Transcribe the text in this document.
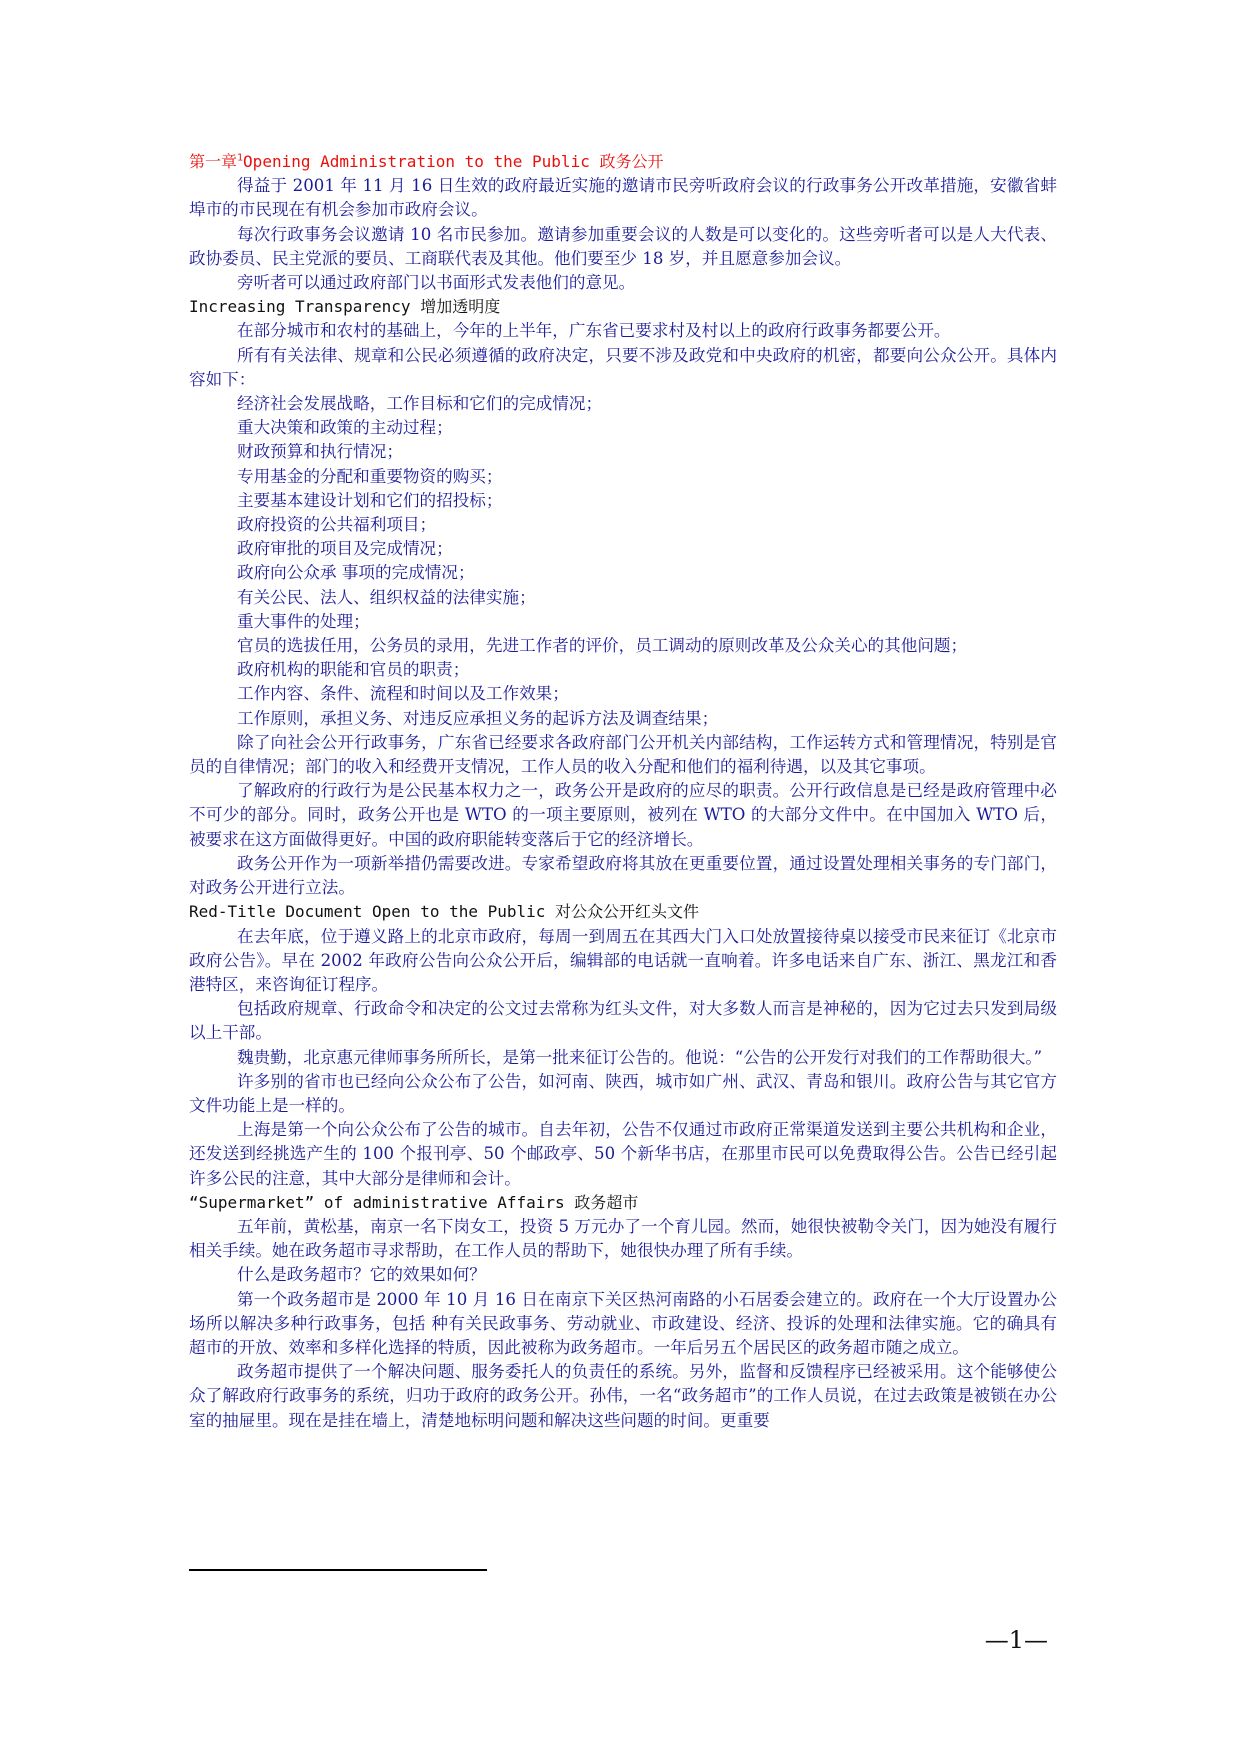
第一章$^1$Opening Administration to the Public 政务公开

得益于 2001 年 11 月 16 日生效的政府最近实施的邀请市民旁听政府会议的行政事务公开改革措施，安徽省蚌埠市的市民现在有机会参加市政府会议。

每次行政事务会议邀请 10 名市民参加。邀请参加重要会议的人数是可以变化的。这些旁听者可以是人大代表、政协委员、民主党派的要员、工商联代表及其他。他们要至少 18 岁，并且愿意参加会议。

旁听者可以通过政府部门以书面形式发表他们的意见。

Increasing Transparency 增加透明度

在部分城市和农村的基础上，今年的上半年，广东省已要求村及村以上的政府行政事务都要公开。

所有有关法律、规章和公民必须遵循的政府决定，只要不涉及政党和中央政府的机密，都要向公众公开。具体内容如下：

经济社会发展战略，工作目标和它们的完成情况；

重大决策和政策的主动过程；

财政预算和执行情况；

专用基金的分配和重要物资的购买；

主要基本建设计划和它们的招投标；

政府投资的公共福利项目；

政府审批的项目及完成情况；

政府向公众承 事项的完成情况；

有关公民、法人、组织权益的法律实施；

重大事件的处理；

官员的选拔任用，公务员的录用，先进工作者的评价，员工调动的原则改革及公众关心的其他问题；

政府机构的职能和官员的职责；

工作内容、条件、流程和时间以及工作效果；

工作原则，承担义务、对违反应承担义务的起诉方法及调查结果；

除了向社会公开行政事务，广东省已经要求各政府部门公开机关内部结构，工作运转方式和管理情况，特别是官员的自律情况；部门的收入和经费开支情况，工作人员的收入分配和他们的福利待遇，以及其它事项。

了解政府的行政行为是公民基本权力之一，政务公开是政府的应尽的职责。公开行政信息是已经是政府管理中必不可少的部分。同时，政务公开也是 WTO 的一项主要原则，被列在 WTO 的大部分文件中。在中国加入 WTO 后，被要求在这方面做得更好。中国的政府职能转变落后于它的经济增长。

政务公开作为一项新举措仍需要改进。专家希望政府将其放在更重要位置，通过设置处理相关事务的专门部门，对政务公开进行立法。

Red-Title Document Open to the Public 对公众公开红头文件

在去年底，位于遵义路上的北京市政府，每周一到周五在其西大门入口处放置接待桌以接受市民来征订《北京市政府公告》。早在 2002 年政府公告向公众公开后，编辑部的电话就一直响着。许多电话来自广东、浙江、黑龙江和香港特区，来咨询征订程序。

包括政府规章、行政命令和决定的公文过去常称为红头文件，对大多数人而言是神秘的，因为它过去只发到局级以上干部。

魏贵勤，北京惠元律师事务所所长，是第一批来征订公告的。他说：“公告的公开发行对我们的工作帮助很大。”

许多别的省市也已经向公众公布了公告，如河南、陕西，城市如广州、武汉、青岛和银川。政府公告与其它官方文件功能上是一样的。

上海是第一个向公众公布了公告的城市。自去年初，公告不仅通过市政府正常渠道发送到主要公共机构和企业，还发送到经挑选产生的 100 个报刊亭、50 个邮政亭、50 个新华书店，在那里市民可以免费取得公告。公告已经引起许多公民的注意，其中大部分是律师和会计。

“Supermarket” of administrative Affairs 政务超市

五年前，黄松基，南京一名下岗女工，投资 5 万元办了一个育儿园。然而，她很快被勒令关门，因为她没有履行相关手续。她在政务超市寻求帮助，在工作人员的帮助下，她很快办理了所有手续。

什么是政务超市？它的效果如何？

第一个政务超市是 2000 年 10 月 16 日在南京下关区热河南路的小石居委会建立的。政府在一个大厅设置办公场所以解决多种行政事务，包括 种有关民政事务、劳动就业、市政建设、经济、投诉的处理和法律实施。它的确具有超市的开放、效率和多样化选择的特质，因此被称为政务超市。一年后另五个居民区的政务超市随之成立。

政务超市提供了一个解决问题、服务委托人的负责任的系统。另外，监督和反馈程序已经被采用。这个能够使公众了解政府行政事务的系统，归功于政府的政务公开。孙伟，一名“政务超市”的工作人员说，在过去政策是被锁在办公室的抽屉里。现在是挂在墙上，清楚地标明问题和解决这些问题的时间。更重要

—1—
